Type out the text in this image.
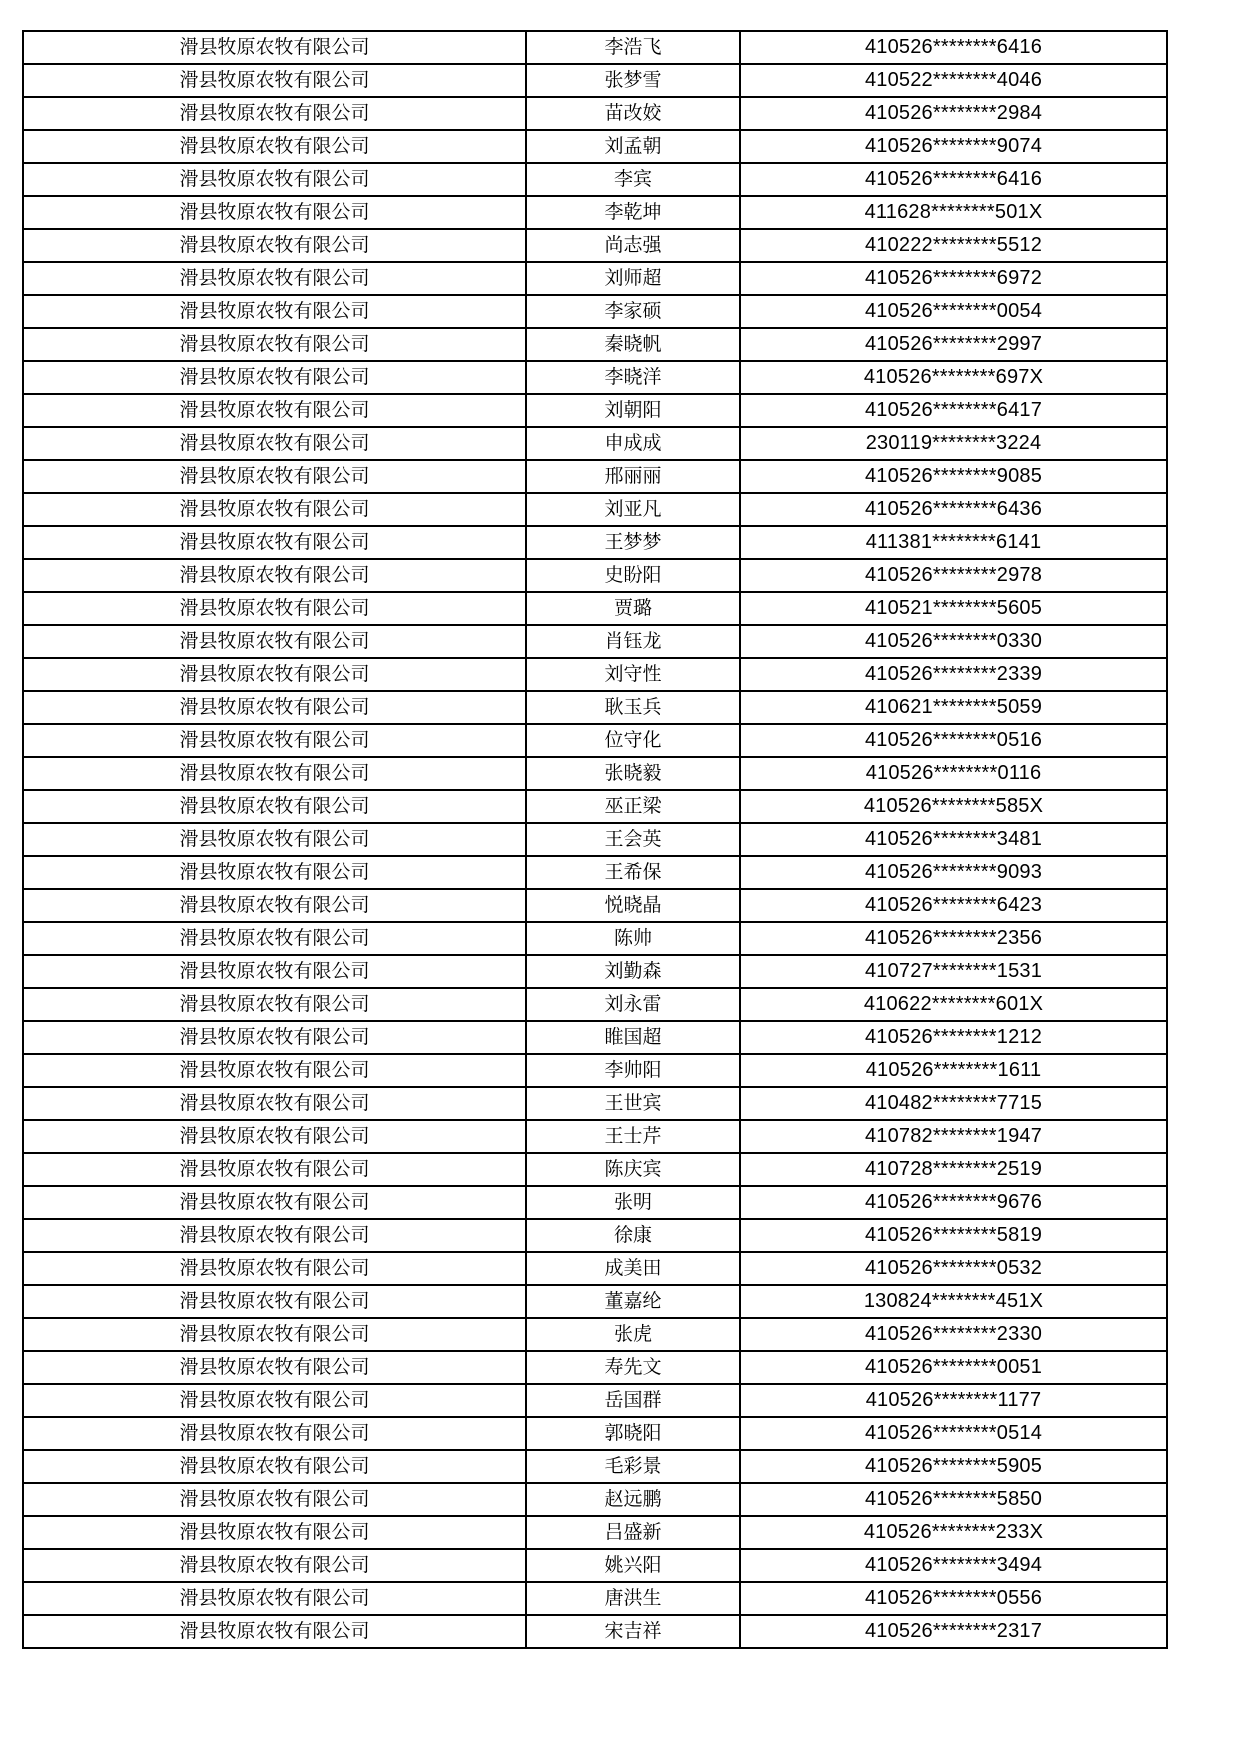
滑县牧原农牧有限公司	李浩飞	410526********6416
滑县牧原农牧有限公司	张梦雪	410522********4046
滑县牧原农牧有限公司	苗改姣	410526********2984
滑县牧原农牧有限公司	刘孟朝	410526********9074
滑县牧原农牧有限公司	李宾	410526********6416
滑县牧原农牧有限公司	李乾坤	411628********501X
滑县牧原农牧有限公司	尚志强	410222********5512
滑县牧原农牧有限公司	刘师超	410526********6972
滑县牧原农牧有限公司	李家硕	410526********0054
滑县牧原农牧有限公司	秦晓帆	410526********2997
滑县牧原农牧有限公司	李晓洋	410526********697X
滑县牧原农牧有限公司	刘朝阳	410526********6417
滑县牧原农牧有限公司	申成成	230119********3224
滑县牧原农牧有限公司	邢丽丽	410526********9085
滑县牧原农牧有限公司	刘亚凡	410526********6436
滑县牧原农牧有限公司	王梦梦	411381********6141
滑县牧原农牧有限公司	史盼阳	410526********2978
滑县牧原农牧有限公司	贾璐	410521********5605
滑县牧原农牧有限公司	肖钰龙	410526********0330
滑县牧原农牧有限公司	刘守性	410526********2339
滑县牧原农牧有限公司	耿玉兵	410621********5059
滑县牧原农牧有限公司	位守化	410526********0516
滑县牧原农牧有限公司	张晓毅	410526********0116
滑县牧原农牧有限公司	巫正梁	410526********585X
滑县牧原农牧有限公司	王会英	410526********3481
滑县牧原农牧有限公司	王希保	410526********9093
滑县牧原农牧有限公司	悦晓晶	410526********6423
滑县牧原农牧有限公司	陈帅	410526********2356
滑县牧原农牧有限公司	刘勤森	410727********1531
滑县牧原农牧有限公司	刘永雷	410622********601X
滑县牧原农牧有限公司	睢国超	410526********1212
滑县牧原农牧有限公司	李帅阳	410526********1611
滑县牧原农牧有限公司	王世宾	410482********7715
滑县牧原农牧有限公司	王士芹	410782********1947
滑县牧原农牧有限公司	陈庆宾	410728********2519
滑县牧原农牧有限公司	张明	410526********9676
滑县牧原农牧有限公司	徐康	410526********5819
滑县牧原农牧有限公司	成美田	410526********0532
滑县牧原农牧有限公司	董嘉纶	130824********451X
滑县牧原农牧有限公司	张虎	410526********2330
滑县牧原农牧有限公司	寿先文	410526********0051
滑县牧原农牧有限公司	岳国群	410526********1177
滑县牧原农牧有限公司	郭晓阳	410526********0514
滑县牧原农牧有限公司	毛彩景	410526********5905
滑县牧原农牧有限公司	赵远鹏	410526********5850
滑县牧原农牧有限公司	吕盛新	410526********233X
滑县牧原农牧有限公司	姚兴阳	410526********3494
滑县牧原农牧有限公司	唐洪生	410526********0556
滑县牧原农牧有限公司	宋吉祥	410526********2317
